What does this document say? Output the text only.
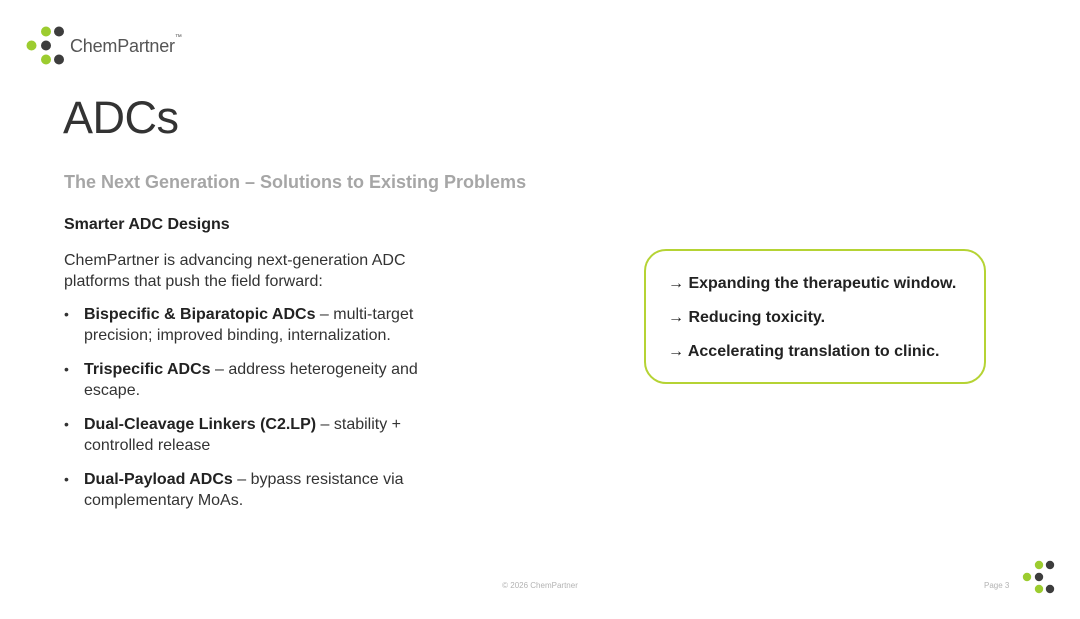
ChemPartner™
ADCs
The Next Generation – Solutions to Existing Problems
Smarter ADC Designs

ChemPartner is advancing next-generation ADC platforms that push the field forward:

• Bispecific & Biparatopic ADCs – multi-target precision; improved binding, internalization.
• Trispecific ADCs – address heterogeneity and escape.
• Dual-Cleavage Linkers (C2.LP) – stability + controlled release
• Dual-Payload ADCs – bypass resistance via complementary MoAs.

→ Expanding the therapeutic window.

→ Reducing toxicity.

→ Accelerating translation to clinic.

© 2026 ChemPartner	Page 3
